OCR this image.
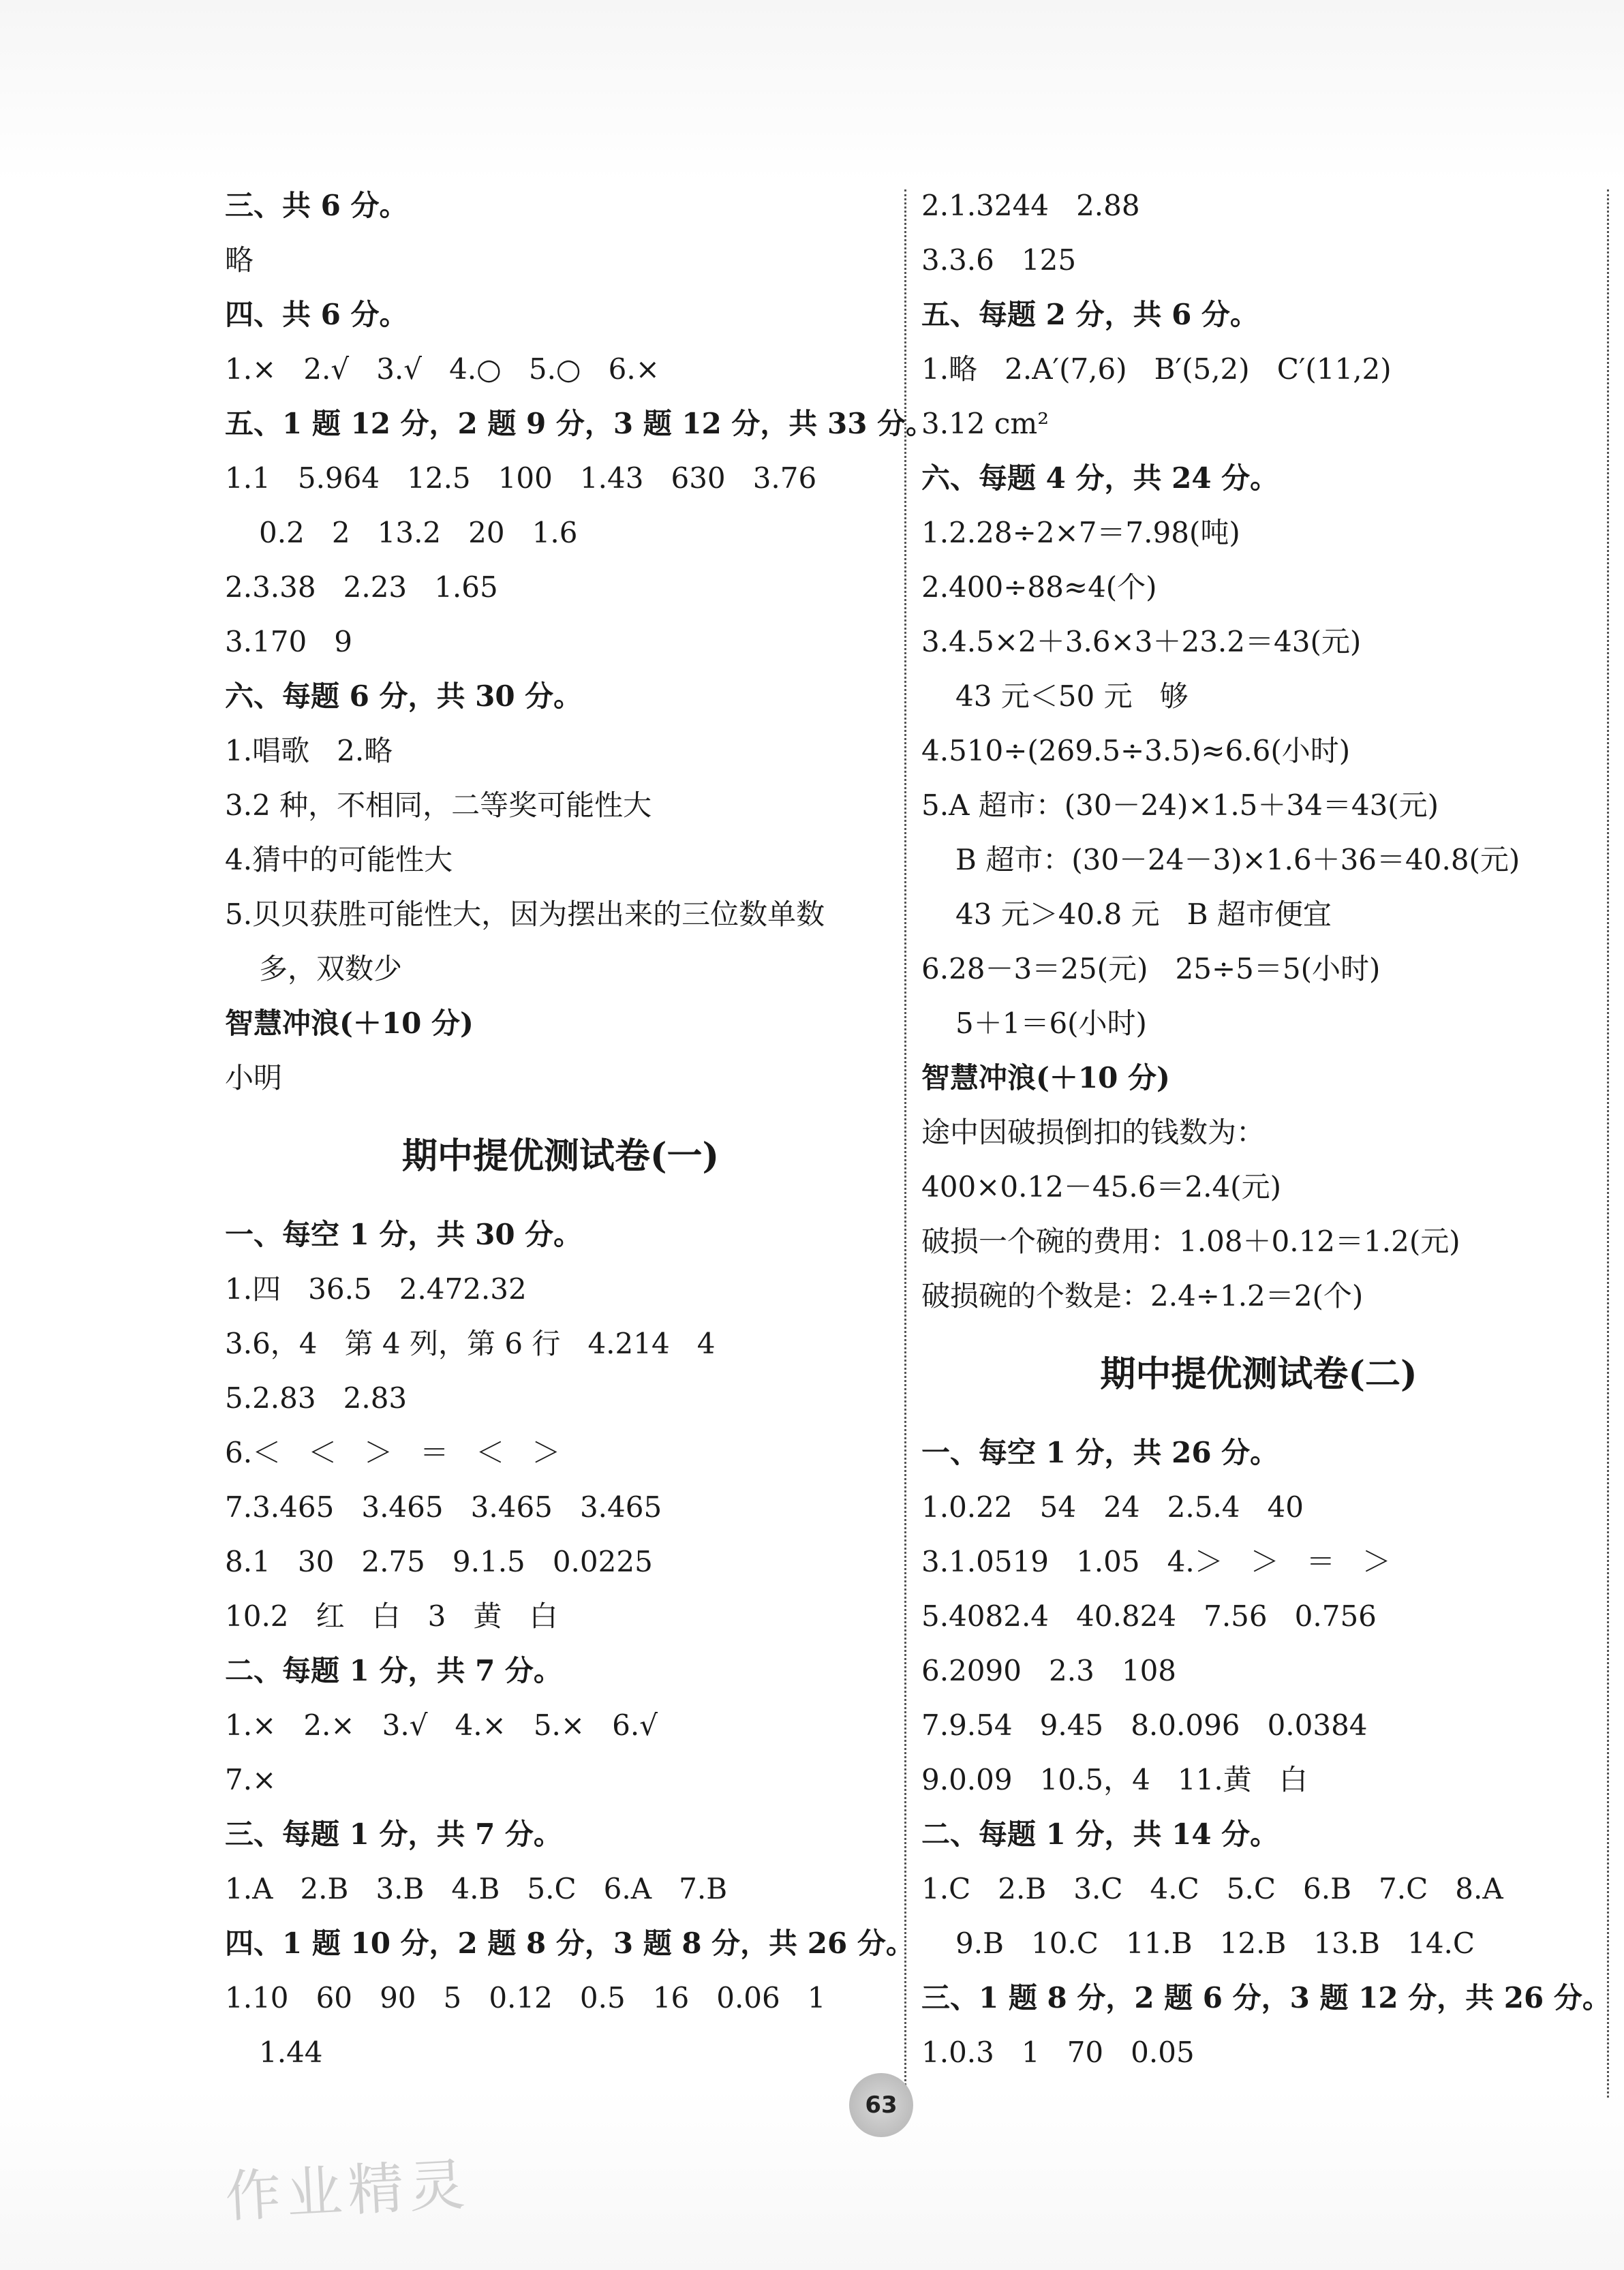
三、共 6 分。
略
四、共 6 分。
1.×   2.√   3.√   4.○   5.○   6.×
五、1 题 12 分，2 题 9 分，3 题 12 分，共 33 分。
1.1   5.964   12.5   100   1.43   630   3.76
0.2   2   13.2   20   1.6
2.3.38   2.23   1.65
3.170   9
六、每题 6 分，共 30 分。
1.唱歌   2.略
3.2 种，不相同，二等奖可能性大
4.猜中的可能性大
5.贝贝获胜可能性大，因为摆出来的三位数单数
多，双数少
智慧冲浪(＋10 分)
小明
期中提优测试卷(一)
一、每空 1 分，共 30 分。
1.四   36.5   2.472.32
3.6，4   第 4 列，第 6 行   4.214   4
5.2.83   2.83
6.＜   ＜   ＞   ＝   ＜   ＞
7.3.465   3.465   3.465   3.465
8.1   30   2.75   9.1.5   0.0225
10.2   红   白   3   黄   白
二、每题 1 分，共 7 分。
1.×   2.×   3.√   4.×   5.×   6.√
7.×
三、每题 1 分，共 7 分。
1.A   2.B   3.B   4.B   5.C   6.A   7.B
四、1 题 10 分，2 题 8 分，3 题 8 分，共 26 分。
1.10   60   90   5   0.12   0.5   16   0.06   1
1.44
2.1.3244   2.88
3.3.6   125
五、每题 2 分，共 6 分。
1.略   2.A′(7,6)   B′(5,2)   C′(11,2)
3.12 cm²
六、每题 4 分，共 24 分。
1.2.28÷2×7＝7.98(吨)
2.400÷88≈4(个)
3.4.5×2＋3.6×3＋23.2＝43(元)
43 元＜50 元   够
4.510÷(269.5÷3.5)≈6.6(小时)
5.A 超市：(30－24)×1.5＋34＝43(元)
B 超市：(30－24－3)×1.6＋36＝40.8(元)
43 元＞40.8 元   B 超市便宜
6.28－3＝25(元)   25÷5＝5(小时)
5＋1＝6(小时)
智慧冲浪(＋10 分)
途中因破损倒扣的钱数为：
400×0.12－45.6＝2.4(元)
破损一个碗的费用：1.08＋0.12＝1.2(元)
破损碗的个数是：2.4÷1.2＝2(个)
期中提优测试卷(二)
一、每空 1 分，共 26 分。
1.0.22   54   24   2.5.4   40
3.1.0519   1.05   4.＞   ＞   ＝   ＞
5.4082.4   40.824   7.56   0.756
6.2090   2.3   108
7.9.54   9.45   8.0.096   0.0384
9.0.09   10.5，4   11.黄   白
二、每题 1 分，共 14 分。
1.C   2.B   3.C   4.C   5.C   6.B   7.C   8.A
9.B   10.C   11.B   12.B   13.B   14.C
三、1 题 8 分，2 题 6 分，3 题 12 分，共 26 分。
1.0.3   1   70   0.05
63
作业精灵
